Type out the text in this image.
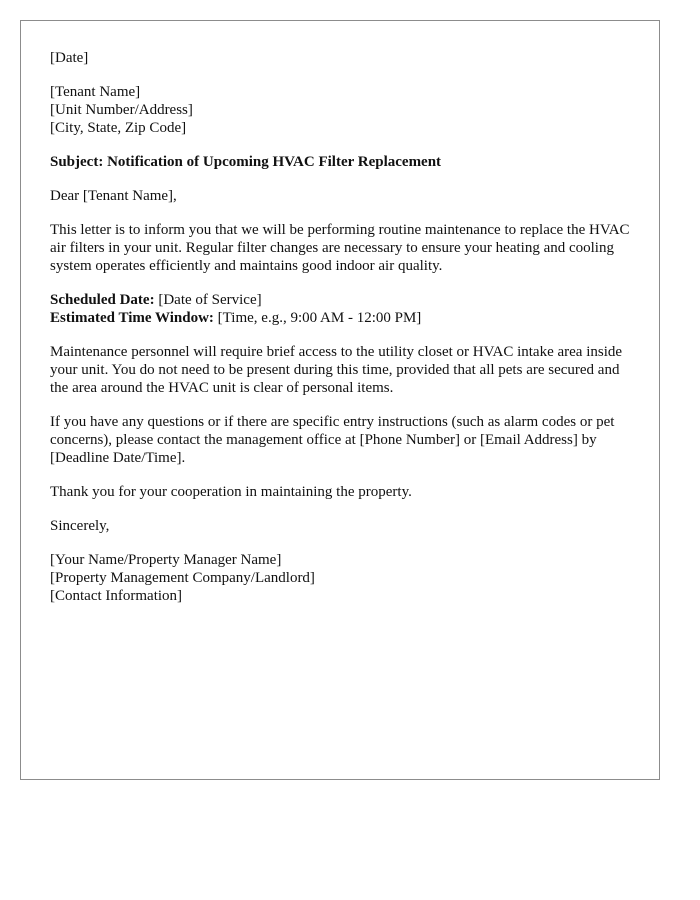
[Date]

[Tenant Name]
[Unit Number/Address]
[City, State, Zip Code]

Subject: Notification of Upcoming HVAC Filter Replacement

Dear [Tenant Name],

This letter is to inform you that we will be performing routine maintenance to replace the HVAC air filters in your unit. Regular filter changes are necessary to ensure your heating and cooling system operates efficiently and maintains good indoor air quality.

Scheduled Date: [Date of Service]
Estimated Time Window: [Time, e.g., 9:00 AM - 12:00 PM]

Maintenance personnel will require brief access to the utility closet or HVAC intake area inside your unit. You do not need to be present during this time, provided that all pets are secured and the area around the HVAC unit is clear of personal items.

If you have any questions or if there are specific entry instructions (such as alarm codes or pet concerns), please contact the management office at [Phone Number] or [Email Address] by [Deadline Date/Time].

Thank you for your cooperation in maintaining the property.

Sincerely,

[Your Name/Property Manager Name]
[Property Management Company/Landlord]
[Contact Information]
